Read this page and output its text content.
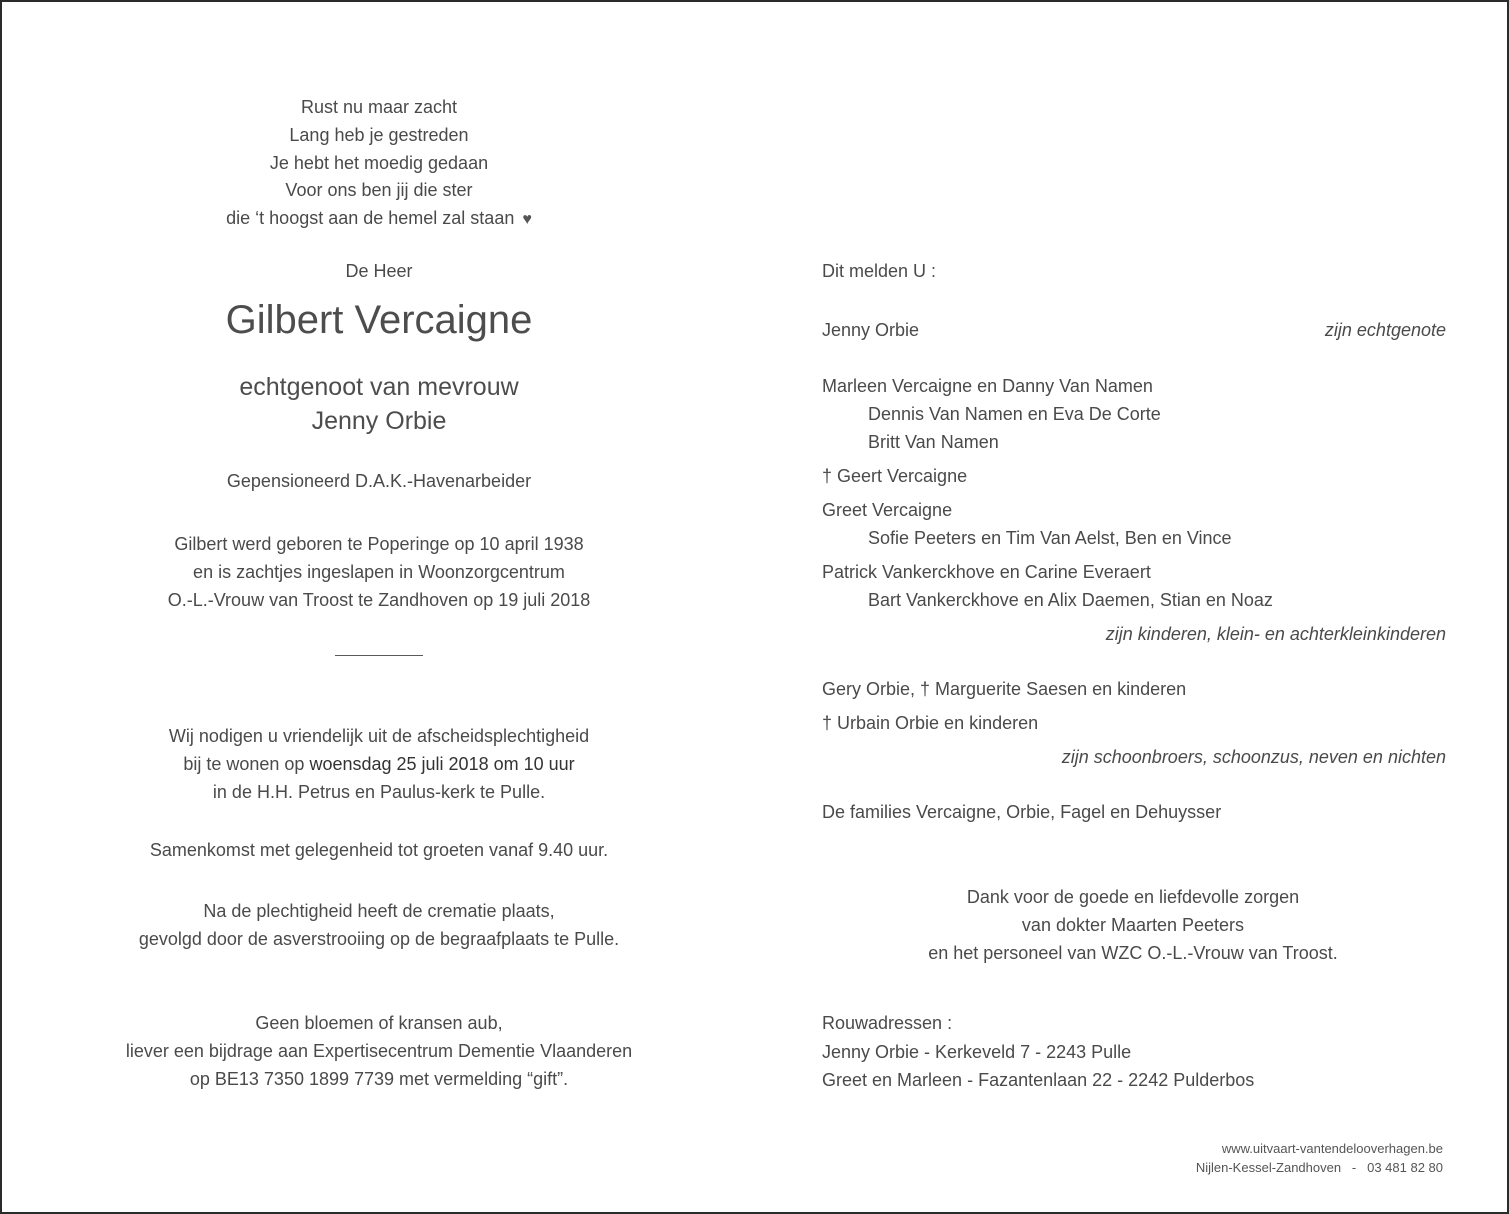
Rust nu maar zacht
Lang heb je gestreden
Je hebt het moedig gedaan
Voor ons ben jij die ster
die ‘t hoogst aan de hemel zal staan ♥
De Heer
Gilbert Vercaigne
echtgenoot van mevrouw
Jenny Orbie
Gepensioneerd D.A.K.-Havenarbeider
Gilbert werd geboren te Poperinge op 10 april 1938
en is zachtjes ingeslapen in Woonzorgcentrum
O.-L.-Vrouw van Troost te Zandhoven op 19 juli 2018
Wij nodigen u vriendelijk uit de afscheidsplechtigheid
bij te wonen op woensdag 25 juli 2018 om 10 uur
in de H.H. Petrus en Paulus-kerk te Pulle.
Samenkomst met gelegenheid tot groeten vanaf 9.40 uur.
Na de plechtigheid heeft de crematie plaats,
gevolgd door de asverstrooiing op de begraafplaats te Pulle.
Geen bloemen of kransen aub,
liever een bijdrage aan Expertisecentrum Dementie Vlaanderen
op BE13 7350 1899 7739 met vermelding “gift”.
Dit melden U :
Jenny Orbie	zijn echtgenote
Marleen Vercaigne en Danny Van Namen
Dennis Van Namen en Eva De Corte
Britt Van Namen
† Geert Vercaigne
Greet Vercaigne
Sofie Peeters en Tim Van Aelst, Ben en Vince
Patrick Vankerckhove en Carine Everaert
Bart Vankerckhove en Alix Daemen, Stian en Noaz
zijn kinderen, klein- en achterkleinkinderen
Gery Orbie, † Marguerite Saesen en kinderen
† Urbain Orbie en kinderen
zijn schoonbroers, schoonzus, neven en nichten
De families Vercaigne, Orbie, Fagel en Dehuysser
Dank voor de goede en liefdevolle zorgen
van dokter Maarten Peeters
en het personeel van WZC O.-L.-Vrouw van Troost.
Rouwadressen :
Jenny Orbie - Kerkeveld 7 - 2243 Pulle
Greet en Marleen - Fazantenlaan 22 - 2242 Pulderbos
www.uitvaart-vantendelooverhagen.be
Nijlen-Kessel-Zandhoven   -   03 481 82 80
